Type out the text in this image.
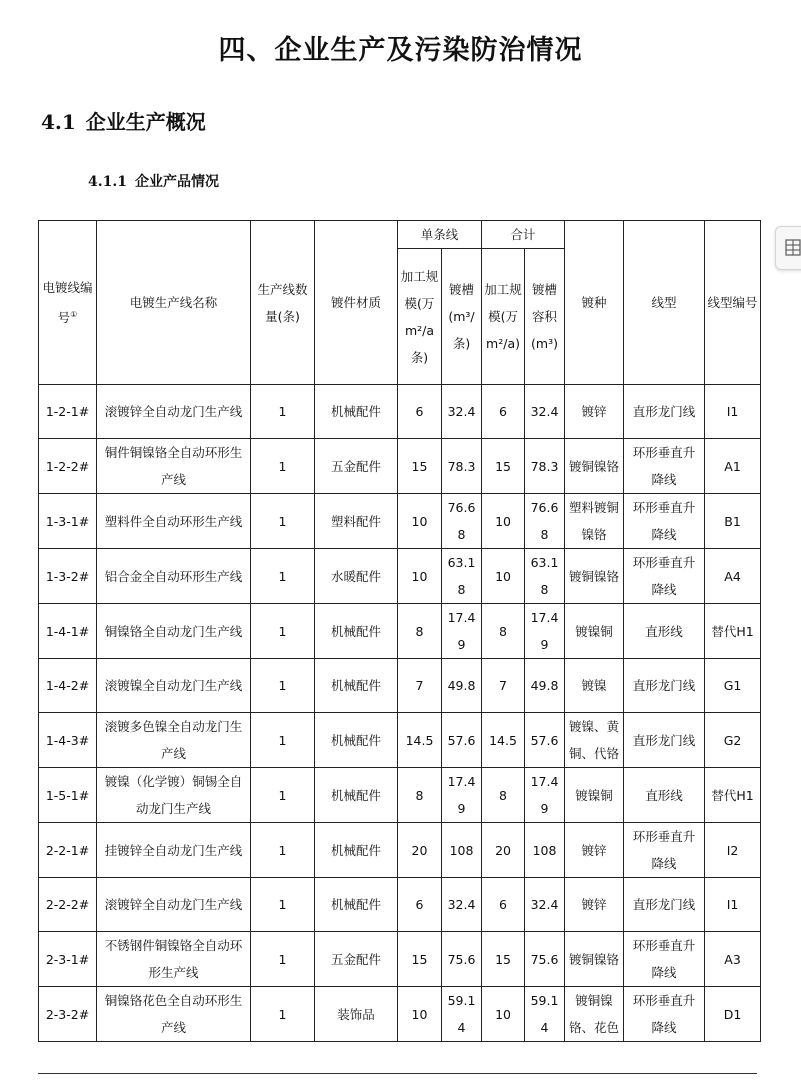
四、企业生产及污染防治情况
4.1 企业生产概况
4.1.1 企业产品情况
电镀线编号①	电镀生产线名称	生产线数量(条)	镀件材质	单条线		合计		镀种	线型	线型编号
				加工规模(万m²/a条)	镀槽(m³/条)	加工规模(万m²/a)	镀槽容积(m³)			
1-2-1#	滚镀锌全自动龙门生产线	1	机械配件	6	32.4	6	32.4	镀锌	直形龙门线	I1
1-2-2#	铜件铜镍铬全自动环形生产线	1	五金配件	15	78.3	15	78.3	镀铜镍铬	环形垂直升降线	A1
1-3-1#	塑料件全自动环形生产线	1	塑料配件	10	76.68	10	76.68	塑料镀铜镍铬	环形垂直升降线	B1
1-3-2#	铝合金全自动环形生产线	1	水暖配件	10	63.18	10	63.18	镀铜镍铬	环形垂直升降线	A4
1-4-1#	铜镍铬全自动龙门生产线	1	机械配件	8	17.49	8	17.49	镀镍铜	直形线	替代H1
1-4-2#	滚镀镍全自动龙门生产线	1	机械配件	7	49.8	7	49.8	镀镍	直形龙门线	G1
1-4-3#	滚镀多色镍全自动龙门生产线	1	机械配件	14.5	57.6	14.5	57.6	镀镍、黄铜、代铬	直形龙门线	G2
1-5-1#	镀镍（化学镀）铜锡全自动龙门生产线	1	机械配件	8	17.49	8	17.49	镀镍铜	直形线	替代H1
2-2-1#	挂镀锌全自动龙门生产线	1	机械配件	20	108	20	108	镀锌	环形垂直升降线	I2
2-2-2#	滚镀锌全自动龙门生产线	1	机械配件	6	32.4	6	32.4	镀锌	直形龙门线	I1
2-3-1#	不锈钢件铜镍铬全自动环形生产线	1	五金配件	15	75.6	15	75.6	镀铜镍铬	环形垂直升降线	A3
2-3-2#	铜镍铬花色全自动环形生产线	1	装饰品	10	59.14	10	59.14	镀铜镍铬、花色	环形垂直升降线	D1
